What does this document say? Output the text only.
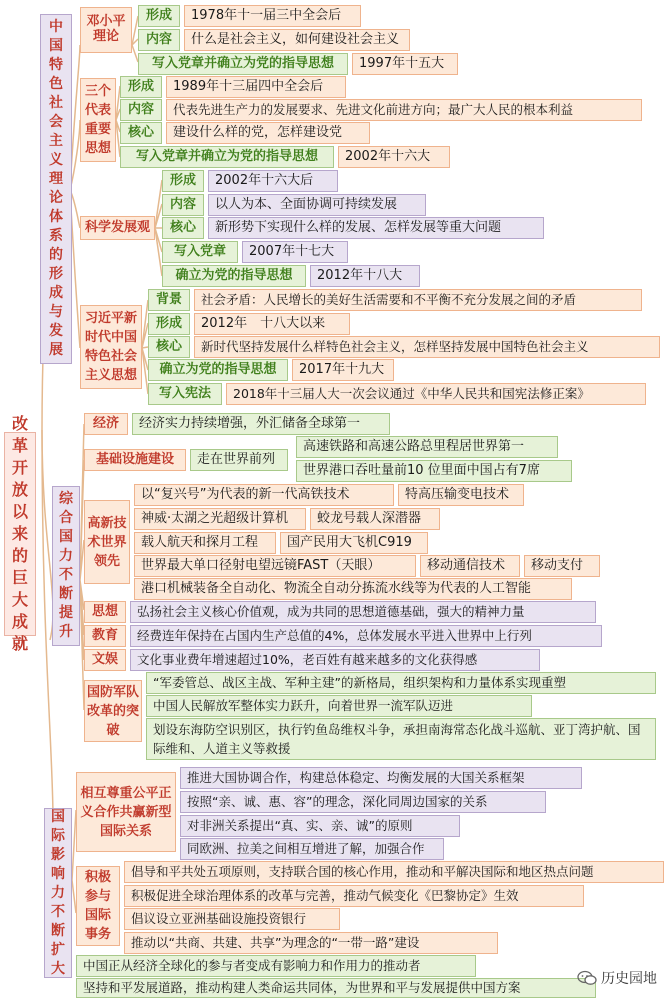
改革开放以来的巨大成就
中国特色社会主义理论体系的形成与发展
邓小平理论
形成 1978年十一届三中全会后
内容 什么是社会主义，如何建设社会主义
写入党章并确立为党的指导思想 1997年十五大
三个代表重要思想
形成 1989年十三届四中全会后
内容 代表先进生产力的发展要求、先进文化前进方向；最广大人民的根本利益
核心 建设什么样的党，怎样建设党
写入党章并确立为党的指导思想 2002年十六大
科学发展观
形成 2002年十六大后
内容 以人为本、全面协调可持续发展
核心 新形势下实现什么样的发展、怎样发展等重大问题
写入党章 2007年十七大
确立为党的指导思想 2012年十八大
习近平新时代中国特色社会主义思想
背景 社会矛盾：人民增长的美好生活需要和不平衡不充分发展之间的矛盾
形成 2012年　十八大以来
核心 新时代坚持发展什么样特色社会主义，怎样坚持发展中国特色社会主义
确立为党的指导思想 2017年十九大
写入宪法 2018年十三届人大一次会议通过《中华人民共和国宪法修正案》
综合国力不断提升
经济 经济实力持续增强，外汇储备全球第一
基础设施建设 走在世界前列
高速铁路和高速公路总里程居世界第一
世界港口吞吐量前10 位里面中国占有7席
高新技术世界领先
以“复兴号”为代表的新一代高铁技术	特高压输变电技术
神威·太湖之光超级计算机 蛟龙号载人深潜器
载人航天和探月工程 国产民用大飞机C919
世界最大单口径射电望远镜FAST（天眼）	移动通信技术 移动支付
港口机械装备全自动化、物流全自动分拣流水线等为代表的人工智能
思想 弘扬社会主义核心价值观，成为共同的思想道德基础，强大的精神力量
教育 经费连年保持在占国内生产总值的4%，总体发展水平进入世界中上行列
文娱 文化事业费年增速超过10%，老百姓有越来越多的文化获得感
国防军队改革的突破
“军委管总、战区主战、军种主建”的新格局，组织架构和力量体系实现重塑
中国人民解放军整体实力跃升，向着世界一流军队迈进
划设东海防空识别区，执行钓鱼岛维权斗争，承担南海常态化战斗巡航、亚丁湾护航、国际维和、人道主义等救援
国际影响力不断扩大
相互尊重公平正义合作共赢新型国际关系
推进大国协调合作，构建总体稳定、均衡发展的大国关系框架
按照“亲、诚、惠、容”的理念，深化同周边国家的关系
对非洲关系提出“真、实、亲、诚”的原则
同欧洲、拉美之间相互增进了解，加强合作
积极参与国际事务
倡导和平共处五项原则，支持联合国的核心作用，推动和平解决国际和地区热点问题
积极促进全球治理体系的改革与完善，推动气候变化《巴黎协定》生效
倡议设立亚洲基础设施投资银行
推动以“共商、共建、共享”为理念的“一带一路”建设
中国正从经济全球化的参与者变成有影响力和作用力的推动者
坚持和平发展道路，推动构建人类命运共同体，为世界和平与发展提供中国方案
历史园地
